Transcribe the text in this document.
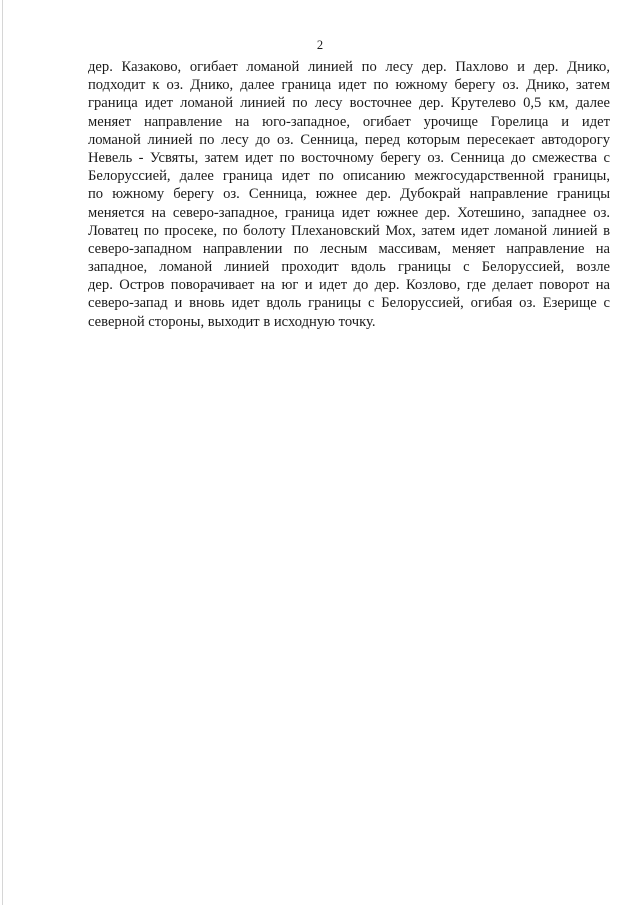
2
дер. Казаково, огибает ломаной линией по лесу дер. Пахлово и дер. Днико,
подходит к оз. Днико, далее граница идет по южному берегу оз. Днико, затем
граница идет ломаной линией по лесу восточнее дер. Крутелево 0,5 км, далее
меняет направление на юго-западное, огибает урочище Горелица и идет
ломаной линией по лесу до оз. Сенница, перед которым пересекает автодорогу
Невель - Усвяты, затем идет по восточному берегу оз. Сенница до смежества с
Белоруссией, далее граница идет по описанию межгосударственной границы,
по южному берегу оз. Сенница, южнее дер. Дубокрай направление границы
меняется на северо-западное, граница идет южнее дер. Хотешино, западнее оз.
Ловатец по просеке, по болоту Плехановский Мох, затем идет ломаной линией в
северо-западном направлении по лесным массивам, меняет направление на
западное, ломаной линией проходит вдоль границы с Белоруссией, возле
дер. Остров поворачивает на юг и идет до дер. Козлово, где делает поворот на
северо-запад и вновь идет вдоль границы с Белоруссией, огибая оз. Езерище с
северной стороны, выходит в исходную точку.
